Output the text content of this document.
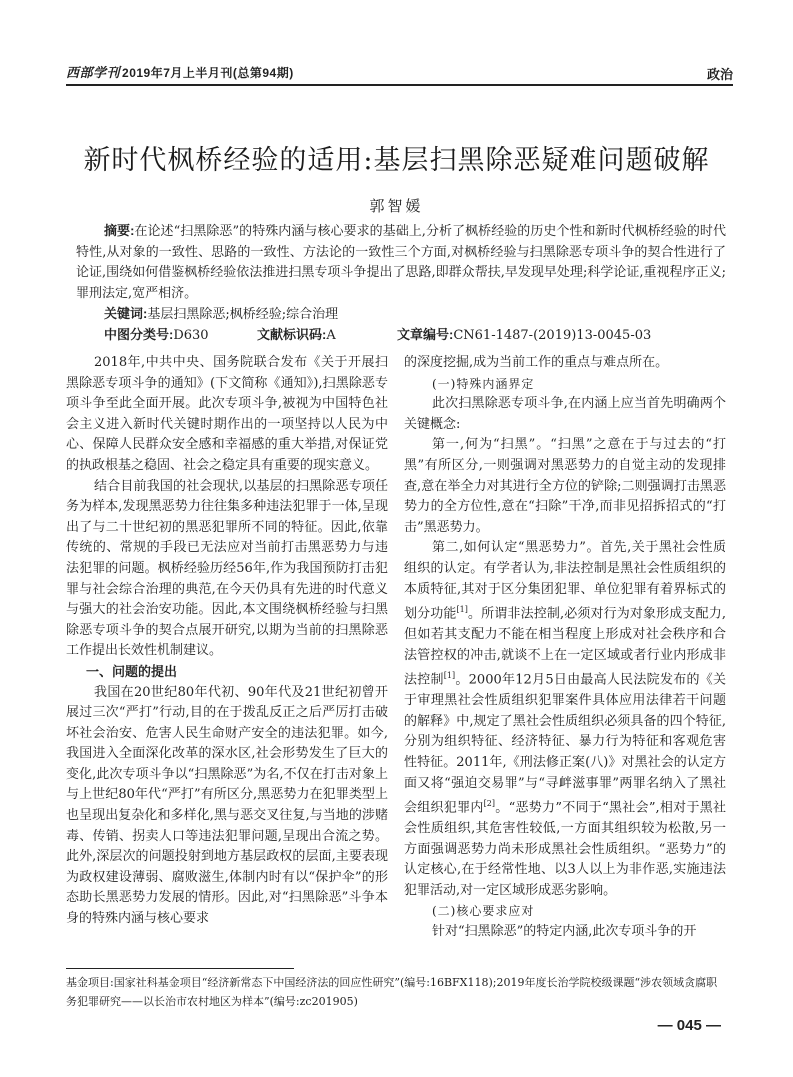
西部学刊 2019年7月上半月刊(总第94期)	政治
新时代枫桥经验的适用:基层扫黑除恶疑难问题破解
郭智媛
摘要:在论述“扫黑除恶”的特殊内涵与核心要求的基础上,分析了枫桥经验的历史个性和新时代枫桥经验的时代特性,从对象的一致性、思路的一致性、方法论的一致性三个方面,对枫桥经验与扫黑除恶专项斗争的契合性进行了论证,围绕如何借鉴枫桥经验依法推进扫黑专项斗争提出了思路,即群众帮扶,早发现早处理;科学论证,重视程序正义;罪刑法定,宽严相济。
关键词:基层扫黑除恶;枫桥经验;综合治理
中图分类号:D630	文献标识码:A	文章编号:CN61-1487-(2019)13-0045-03

2018年,中共中央、国务院联合发布《关于开展扫黑除恶专项斗争的通知》(下文简称《通知》),扫黑除恶专项斗争至此全面开展。此次专项斗争,被视为中国特色社会主义进入新时代关键时期作出的一项坚持以人民为中心、保障人民群众安全感和幸福感的重大举措,对保证党的执政根基之稳固、社会之稳定具有重要的现实意义。

结合目前我国的社会现状,以基层的扫黑除恶专项任务为样本,发现黑恶势力往往集多种违法犯罪于一体,呈现出了与二十世纪初的黑恶犯罪所不同的特征。因此,依靠传统的、常规的手段已无法应对当前打击黑恶势力与违法犯罪的问题。枫桥经验历经56年,作为我国预防打击犯罪与社会综合治理的典范,在今天仍具有先进的时代意义与强大的社会治安功能。因此,本文围绕枫桥经验与扫黑除恶专项斗争的契合点展开研究,以期为当前的扫黑除恶工作提出长效性机制建议。

一、问题的提出

我国在20世纪80年代初、90年代及21世纪初曾开展过三次“严打”行动,目的在于拨乱反正之后严厉打击破坏社会治安、危害人民生命财产安全的违法犯罪。如今,我国进入全面深化改革的深水区,社会形势发生了巨大的变化,此次专项斗争以“扫黑除恶”为名,不仅在打击对象上与上世纪80年代“严打”有所区分,黑恶势力在犯罪类型上也呈现出复杂化和多样化,黑与恶交叉往复,与当地的涉赌毒、传销、拐卖人口等违法犯罪问题,呈现出合流之势。此外,深层次的问题投射到地方基层政权的层面,主要表现为政权建设薄弱、腐败滋生,体制内时有以“保护伞”的形态助长黑恶势力发展的情形。因此,对“扫黑除恶”斗争本身的特殊内涵与核心要求

的深度挖掘,成为当前工作的重点与难点所在。

(一)特殊内涵界定

此次扫黑除恶专项斗争,在内涵上应当首先明确两个关键概念:

第一,何为“扫黑”。“扫黑”之意在于与过去的“打黑”有所区分,一则强调对黑恶势力的自觉主动的发现排查,意在举全力对其进行全方位的铲除;二则强调打击黑恶势力的全方位性,意在“扫除”干净,而非见招拆招式的“打击”黑恶势力。

第二,如何认定“黑恶势力”。首先,关于黑社会性质组织的认定。有学者认为,非法控制是黑社会性质组织的本质特征,其对于区分集团犯罪、单位犯罪有着界标式的划分功能[1]。所谓非法控制,必须对行为对象形成支配力,但如若其支配力不能在相当程度上形成对社会秩序和合法管控权的冲击,就谈不上在一定区域或者行业内形成非法控制[1]。2000年12月5日由最高人民法院发布的《关于审理黑社会性质组织犯罪案件具体应用法律若干问题的解释》中,规定了黑社会性质组织必须具备的四个特征,分别为组织特征、经济特征、暴力行为特征和客观危害性特征。2011年,《刑法修正案(八)》对黑社会的认定方面又将“强迫交易罪”与“寻衅滋事罪”两罪名纳入了黑社会组织犯罪内[2]。“恶势力”不同于“黑社会”,相对于黑社会性质组织,其危害性较低,一方面其组织较为松散,另一方面强调恶势力尚未形成黑社会性质组织。“恶势力”的认定核心,在于经常性地、以3人以上为非作恶,实施违法犯罪活动,对一定区域形成恶劣影响。

(二)核心要求应对

针对“扫黑除恶”的特定内涵,此次专项斗争的开

基金项目:国家社科基金项目“经济新常态下中国经济法的回应性研究”(编号:16BFX118);2019年度长治学院校级课题“涉农领域贪腐职务犯罪研究——以长治市农村地区为样本”(编号:zc201905)
— 045 —
